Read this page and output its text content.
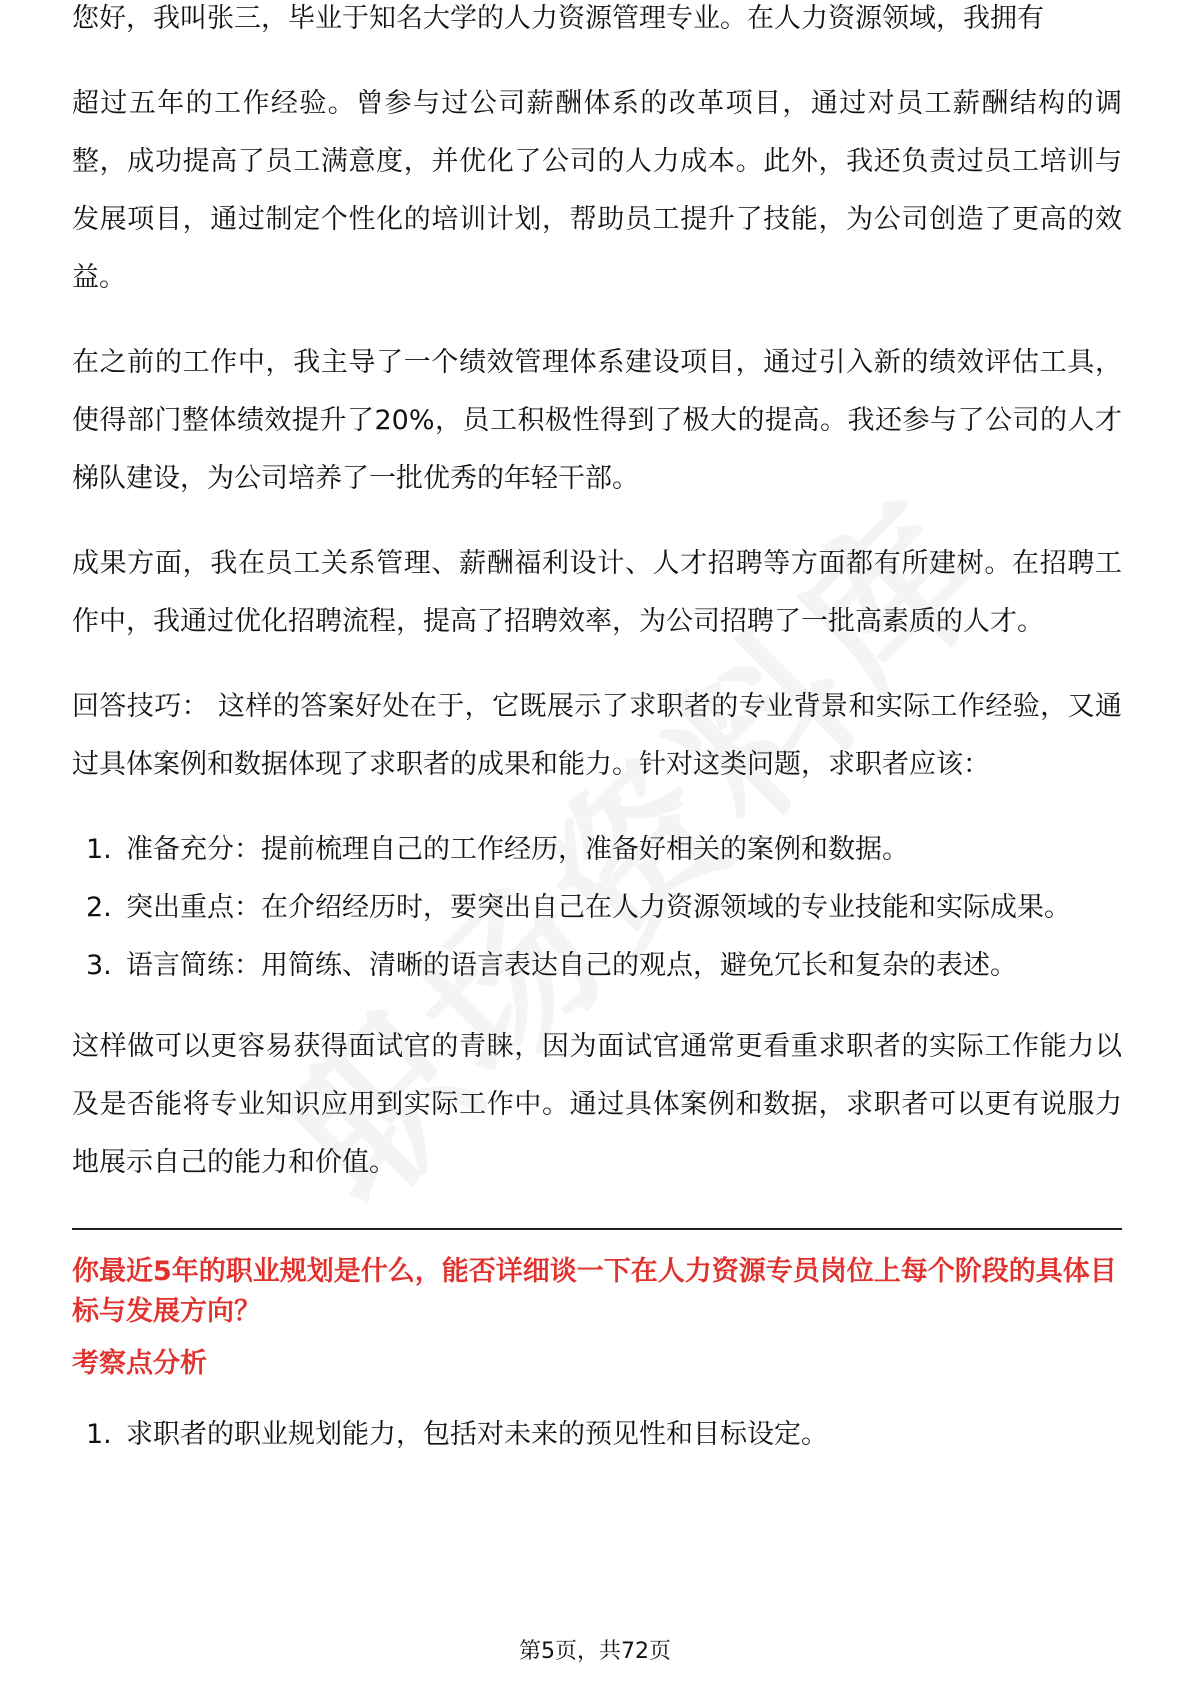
您好，我叫张三，毕业于知名大学的人力资源管理专业。在人力资源领域，我拥有

超过五年的工作经验。曾参与过公司薪酬体系的改革项目，通过对员工薪酬结构的调整，成功提高了员工满意度，并优化了公司的人力成本。此外，我还负责过员工培训与发展项目，通过制定个性化的培训计划，帮助员工提升了技能，为公司创造了更高的效益。

在之前的工作中，我主导了一个绩效管理体系建设项目，通过引入新的绩效评估工具，使得部门整体绩效提升了20%，员工积极性得到了极大的提高。我还参与了公司的人才梯队建设，为公司培养了一批优秀的年轻干部。

成果方面，我在员工关系管理、薪酬福利设计、人才招聘等方面都有所建树。在招聘工作中，我通过优化招聘流程，提高了招聘效率，为公司招聘了一批高素质的人才。

回答技巧： 这样的答案好处在于，它既展示了求职者的专业背景和实际工作经验，又通过具体案例和数据体现了求职者的成果和能力。针对这类问题，求职者应该：

1. 准备充分：提前梳理自己的工作经历，准备好相关的案例和数据。
2. 突出重点：在介绍经历时，要突出自己在人力资源领域的专业技能和实际成果。
3. 语言简练：用简练、清晰的语言表达自己的观点，避免冗长和复杂的表述。

这样做可以更容易获得面试官的青睐，因为面试官通常更看重求职者的实际工作能力以及是否能将专业知识应用到实际工作中。通过具体案例和数据，求职者可以更有说服力地展示自己的能力和价值。

你最近5年的职业规划是什么，能否详细谈一下在人力资源专员岗位上每个阶段的具体目标与发展方向？
考察点分析
1. 求职者的职业规划能力，包括对未来的预见性和目标设定。
第5页，共72页
